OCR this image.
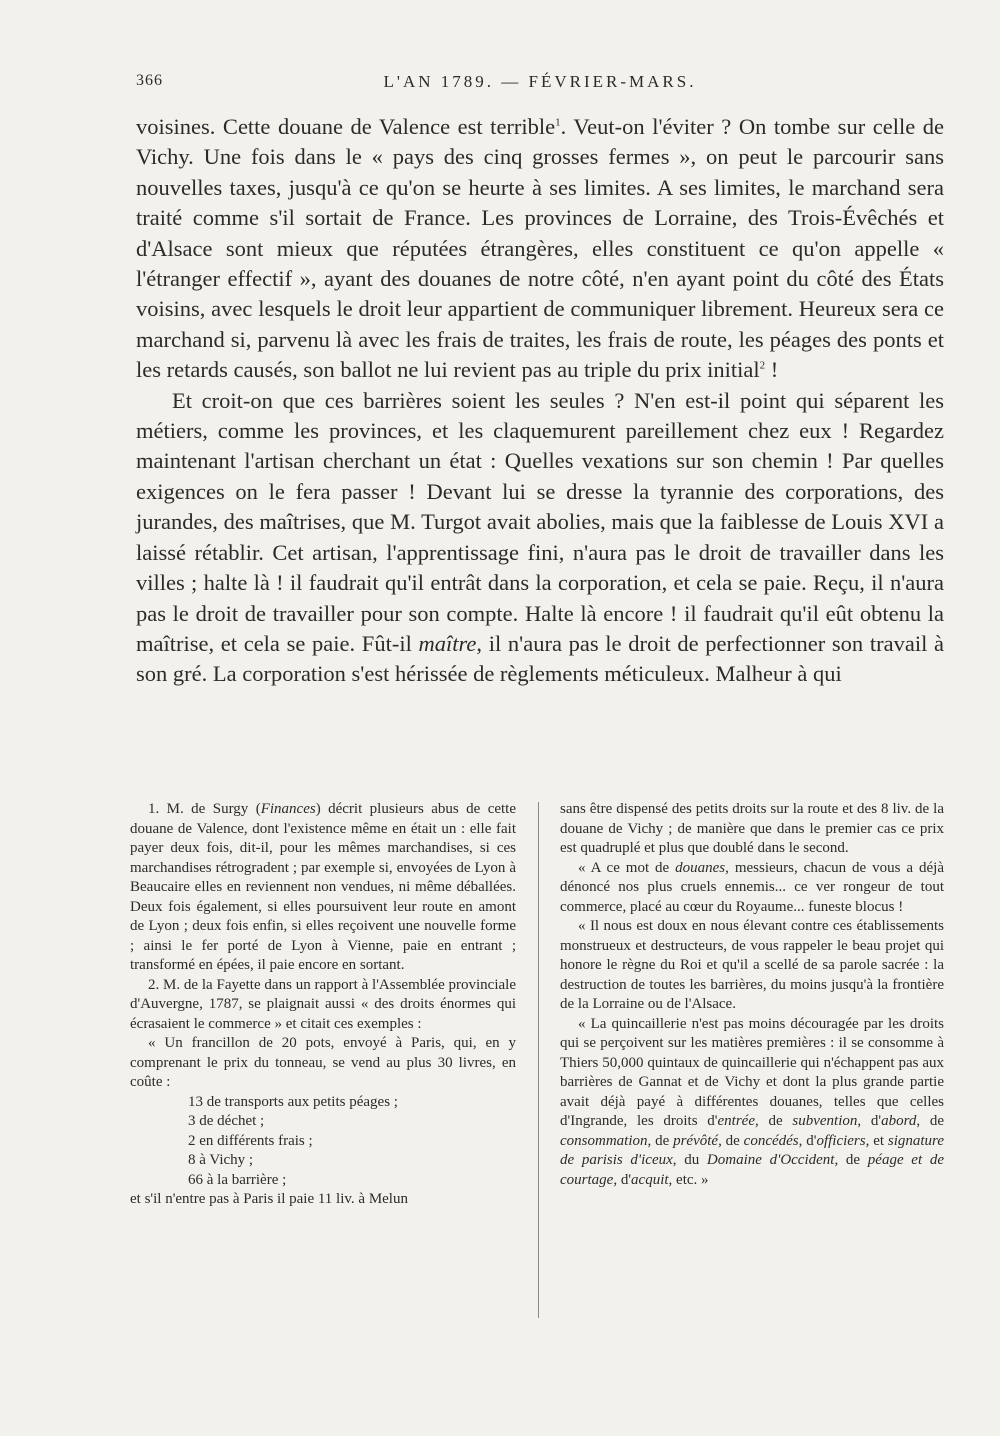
366	L'AN 1789. — FÉVRIER-MARS.

voisines. Cette douane de Valence est terrible$^1$. Veut-on l'éviter ? On tombe sur celle de Vichy. Une fois dans le « pays des cinq grosses fermes », on peut le parcourir sans nouvelles taxes, jusqu'à ce qu'on se heurte à ses limites. A ses limites, le marchand sera traité comme s'il sortait de France. Les provinces de Lorraine, des Trois-Évêchés et d'Alsace sont mieux que réputées étrangères, elles constituent ce qu'on appelle « l'étranger effectif », ayant des douanes de notre côté, n'en ayant point du côté des États voisins, avec lesquels le droit leur appartient de communiquer librement. Heureux sera ce marchand si, parvenu là avec les frais de traites, les frais de route, les péages des ponts et les retards causés, son ballot ne lui revient pas au triple du prix initial$^2$ !

Et croit-on que ces barrières soient les seules ? N'en est-il point qui séparent les métiers, comme les provinces, et les claquemurent pareillement chez eux ! Regardez maintenant l'artisan cherchant un état : Quelles vexations sur son chemin ! Par quelles exigences on le fera passer ! Devant lui se dresse la tyrannie des corporations, des jurandes, des maîtrises, que M. Turgot avait abolies, mais que la faiblesse de Louis XVI a laissé rétablir. Cet artisan, l'apprentissage fini, n'aura pas le droit de travailler dans les villes ; halte là ! il faudrait qu'il entrât dans la corporation, et cela se paie. Reçu, il n'aura pas le droit de travailler pour son compte. Halte là encore ! il faudrait qu'il eût obtenu la maîtrise, et cela se paie. Fût-il maître, il n'aura pas le droit de perfectionner son travail à son gré. La corporation s'est hérissée de règlements méticuleux. Malheur à qui

1. M. de Surgy (Finances) décrit plusieurs abus de cette douane de Valence, dont l'existence même en était un : elle fait payer deux fois, dit-il, pour les mêmes marchandises, si ces marchandises rétrogradent ; par exemple si, envoyées de Lyon à Beaucaire elles en reviennent non vendues, ni même déballées. Deux fois également, si elles poursuivent leur route en amont de Lyon ; deux fois enfin, si elles reçoivent une nouvelle forme ; ainsi le fer porté de Lyon à Vienne, paie en entrant ; transformé en épées, il paie encore en sortant.

2. M. de la Fayette dans un rapport à l'Assemblée provinciale d'Auvergne, 1787, se plaignait aussi « des droits énormes qui écrasaient le commerce » et citait ces exemples :

« Un francillon de 20 pots, envoyé à Paris, qui, en y comprenant le prix du tonneau, se vend au plus 30 livres, en coûte :

13 de transports aux petits péages ;
3 de déchet ;
2 en différents frais ;
8 à Vichy ;
66 à la barrière ;

et s'il n'entre pas à Paris il paie 11 liv. à Melun

sans être dispensé des petits droits sur la route et des 8 liv. de la douane de Vichy ; de manière que dans le premier cas ce prix est quadruplé et plus que doublé dans le second.

« A ce mot de douanes, messieurs, chacun de vous a déjà dénoncé nos plus cruels ennemis... ce ver rongeur de tout commerce, placé au cœur du Royaume... funeste blocus !

« Il nous est doux en nous élevant contre ces établissements monstrueux et destructeurs, de vous rappeler le beau projet qui honore le règne du Roi et qu'il a scellé de sa parole sacrée : la destruction de toutes les barrières, du moins jusqu'à la frontière de la Lorraine ou de l'Alsace.

« La quincaillerie n'est pas moins découragée par les droits qui se perçoivent sur les matières premières : il se consomme à Thiers 50,000 quintaux de quincaillerie qui n'échappent pas aux barrières de Gannat et de Vichy et dont la plus grande partie avait déjà payé à différentes douanes, telles que celles d'Ingrande, les droits d'entrée, de subvention, d'abord, de consommation, de prévôté, de concédés, d'officiers, et signature de parisis d'iceux, du Domaine d'Occident, de péage et de courtage, d'acquit, etc. »
